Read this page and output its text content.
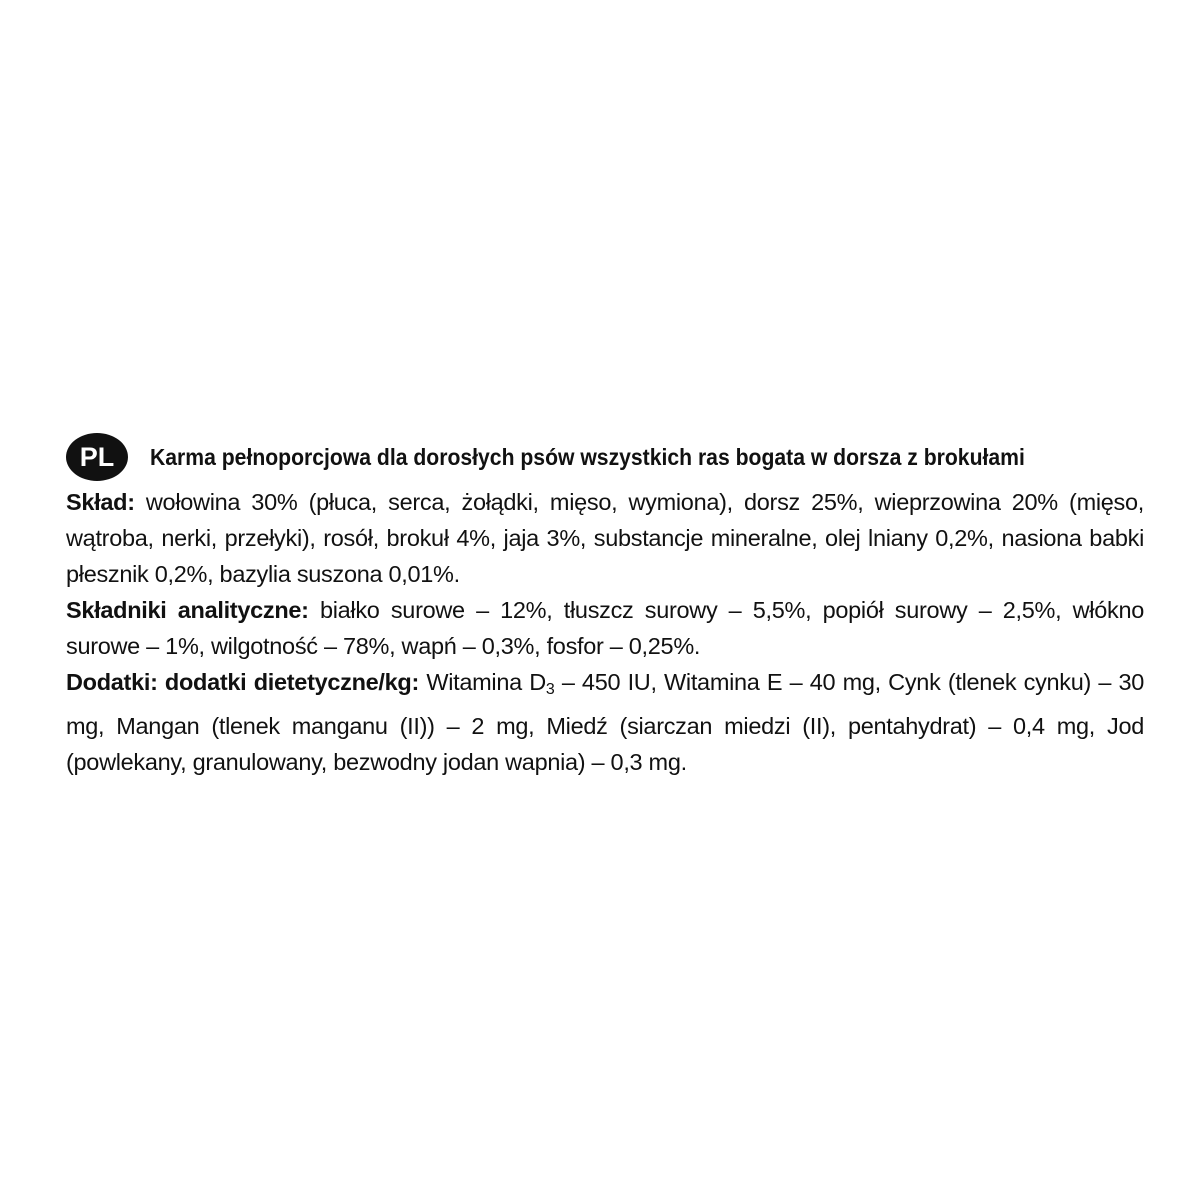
PL	Karma pełnoporcjowa dla dorosłych psów wszystkich ras bogata w dorsza z brokułami
Skład: wołowina 30% (płuca, serca, żołądki, mięso, wymiona), dorsz 25%, wieprzowina 20% (mięso, wątroba, nerki, przełyki), rosół, brokuł 4%, jaja 3%, substancje mineralne, olej lniany 0,2%, nasiona babki płesznik 0,2%, bazylia suszona 0,01%.
Składniki analityczne: białko surowe – 12%, tłuszcz surowy – 5,5%, popiół surowy – 2,5%, włókno surowe – 1%, wilgotność – 78%, wapń – 0,3%, fosfor – 0,25%.
Dodatki: dodatki dietetyczne/kg: Witamina $D_3 - 450$ IU, Witamina E – 40 mg, Cynk (tlenek cynku) – 30 mg, Mangan (tlenek manganu (II)) – 2 mg, Miedź (siarczan miedzi (II), pentahydrat) – 0,4 mg, Jod (powlekany, granulowany, bezwodny jodan wapnia) – 0,3 mg.
